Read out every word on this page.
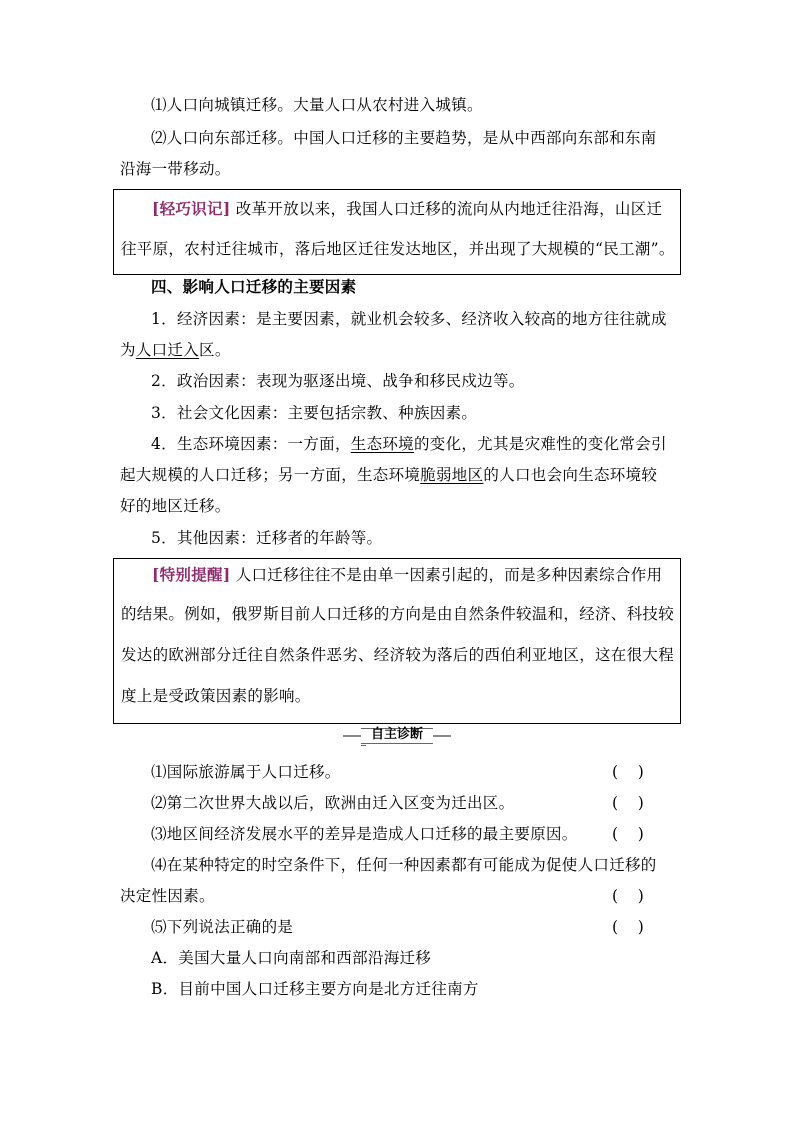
⑴人口向城镇迁移。大量人口从农村进入城镇。
⑵人口向东部迁移。中国人口迁移的主要趋势，是从中西部向东部和东南
沿海一带移动。
[轻巧识记] 改革开放以来，我国人口迁移的流向从内地迁往沿海，山区迁
往平原，农村迁往城市，落后地区迁往发达地区，并出现了大规模的“民工潮”。
四、影响人口迁移的主要因素
1．经济因素：是主要因素，就业机会较多、经济收入较高的地方往往就成
为人口迁入区。
2．政治因素：表现为驱逐出境、战争和移民戍边等。
3．社会文化因素：主要包括宗教、种族因素。
4．生态环境因素：一方面，生态环境的变化，尤其是灾难性的变化常会引
起大规模的人口迁移；另一方面，生态环境脆弱地区的人口也会向生态环境较
好的地区迁移。
5．其他因素：迁移者的年龄等。
[特别提醒] 人口迁移往往不是由单一因素引起的，而是多种因素综合作用
的结果。例如，俄罗斯目前人口迁移的方向是由自然条件较温和，经济、科技较
发达的欧洲部分迁往自然条件恶劣、经济较为落后的西伯利亚地区，这在很大程
度上是受政策因素的影响。
自主诊断
⑴国际旅游属于人口迁移。	(    )
⑵第二次世界大战以后，欧洲由迁入区变为迁出区。	(    )
⑶地区间经济发展水平的差异是造成人口迁移的最主要原因。	(    )
⑷在某种特定的时空条件下，任何一种因素都有可能成为促使人口迁移的
决定性因素。	(    )
⑸下列说法正确的是	(    )
A．美国大量人口向南部和西部沿海迁移
B．目前中国人口迁移主要方向是北方迁往南方
